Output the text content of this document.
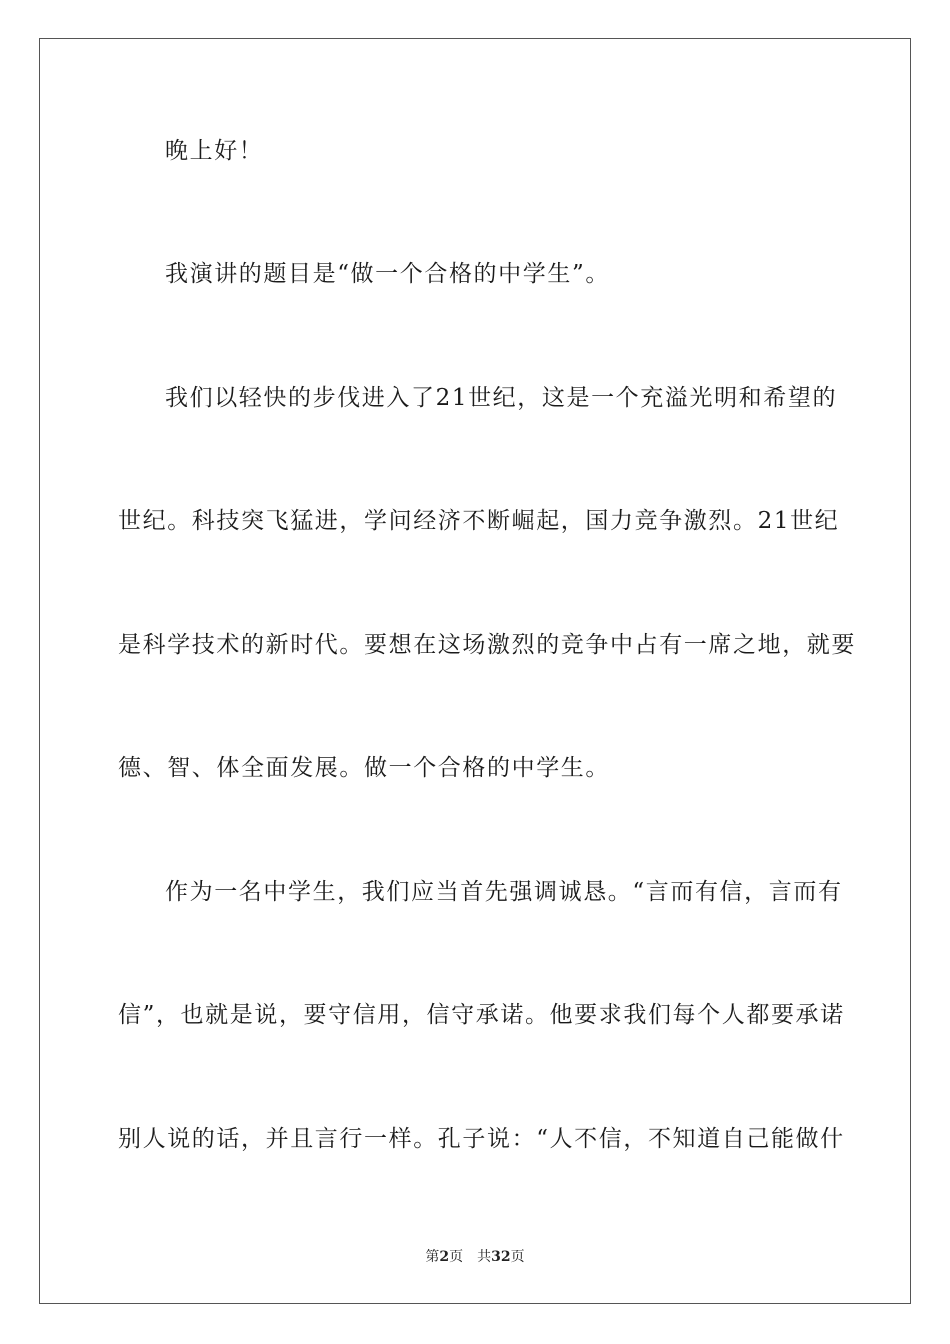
晚上好！
我演讲的题目是“做一个合格的中学生”。
我们以轻快的步伐进入了21世纪，这是一个充溢光明和希望的
世纪。科技突飞猛进，学问经济不断崛起，国力竞争激烈。21世纪
是科学技术的新时代。要想在这场激烈的竞争中占有一席之地，就要
德、智、体全面发展。做一个合格的中学生。
作为一名中学生，我们应当首先强调诚恳。“言而有信，言而有
信”，也就是说，要守信用，信守承诺。他要求我们每个人都要承诺
别人说的话，并且言行一样。孔子说：“人不信，不知道自己能做什
第2页 共32页
